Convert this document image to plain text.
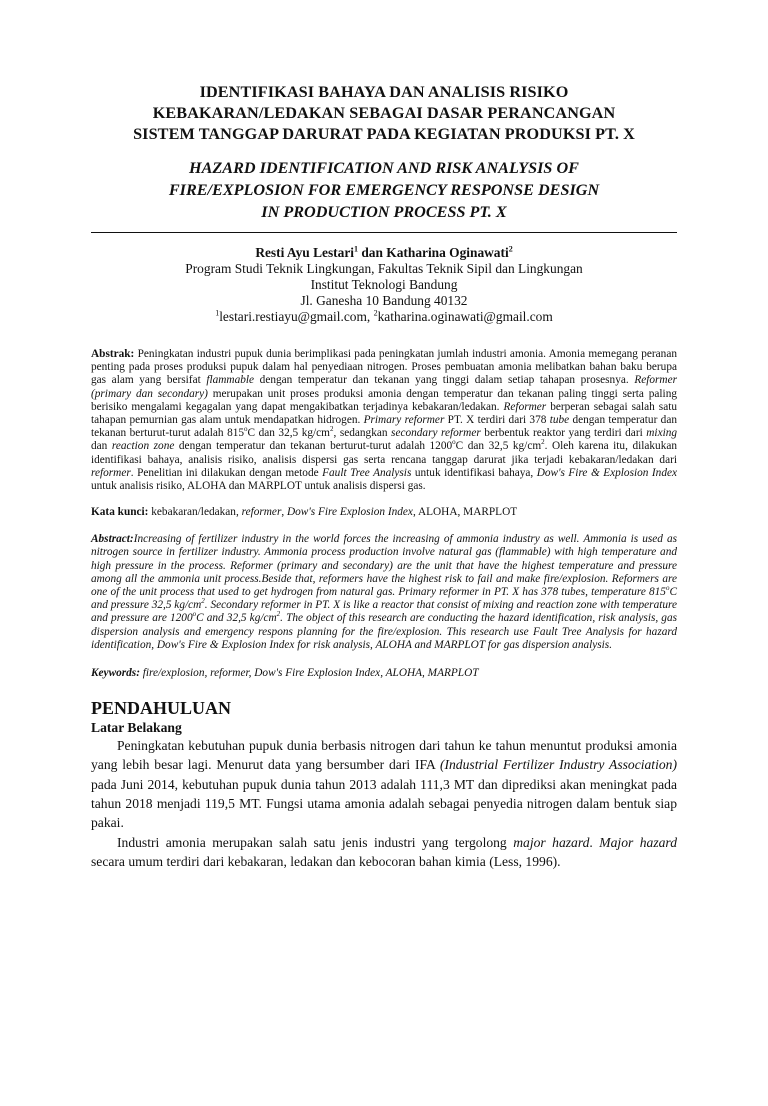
IDENTIFIKASI BAHAYA DAN ANALISIS RISIKO
KEBAKARAN/LEDAKAN SEBAGAI DASAR PERANCANGAN
SISTEM TANGGAP DARURAT PADA KEGIATAN PRODUKSI PT. X
HAZARD IDENTIFICATION AND RISK ANALYSIS OF
FIRE/EXPLOSION FOR EMERGENCY RESPONSE DESIGN
IN PRODUCTION PROCESS PT. X
Resti Ayu Lestari$^1$ dan Katharina Oginawati$^2$
Program Studi Teknik Lingkungan, Fakultas Teknik Sipil dan Lingkungan
Institut Teknologi Bandung
Jl. Ganesha 10 Bandung 40132
$^1$lestari.restiayu@gmail.com, $^2$katharina.oginawati@gmail.com

Abstrak: Peningkatan industri pupuk dunia berimplikasi pada peningkatan jumlah industri amonia. Amonia memegang peranan penting pada proses produksi pupuk dalam hal penyediaan nitrogen. Proses pembuatan amonia melibatkan bahan baku berupa gas alam yang bersifat flammable dengan temperatur dan tekanan yang tinggi dalam setiap tahapan prosesnya. Reformer (primary dan secondary) merupakan unit proses produksi amonia dengan temperatur dan tekanan paling tinggi serta paling berisiko mengalami kegagalan yang dapat mengakibatkan terjadinya kebakaran/ledakan. Reformer berperan sebagai salah satu tahapan pemurnian gas alam untuk mendapatkan hidrogen. Primary reformer PT. X terdiri dari 378 tube dengan temperatur dan tekanan berturut-turut adalah 815$^o$C dan 32,5 $kg/cm^2$, sedangkan secondary reformer berbentuk reaktor yang terdiri dari mixing dan reaction zone dengan temperatur dan tekanan berturut-turut adalah 1200$^o$C dan 32,5 $kg/cm^2$. Oleh karena itu, dilakukan identifikasi bahaya, analisis risiko, analisis dispersi gas serta rencana tanggap darurat jika terjadi kebakaran/ledakan dari reformer. Penelitian ini dilakukan dengan metode Fault Tree Analysis untuk identifikasi bahaya, Dow's Fire & Explosion Index untuk analisis risiko, ALOHA dan MARPLOT untuk analisis dispersi gas.

Kata kunci: kebakaran/ledakan, reformer, Dow's Fire Explosion Index, ALOHA, MARPLOT

Abstract:Increasing of fertilizer industry in the world forces the increasing of ammonia industry as well. Ammonia is used as nitrogen source in fertilizer industry. Ammonia process production involve natural gas (flammable) with high temperature and high pressure in the process. Reformer (primary and secondary) are the unit that have the highest temperature and pressure among all the ammonia unit process.Beside that, reformers have the highest risk to fail and make fire/explosion. Reformers are one of the unit process that used to get hydrogen from natural gas. Primary reformer in PT. X has 378 tubes, temperature 815$^o$C and pressure 32,5 $kg/cm^2$. Secondary reformer in PT. X is like a reactor that consist of mixing and reaction zone with temperature and pressure are 1200$^o$C and 32,5 $kg/cm^2$. The object of this research are conducting the hazard identification, risk analysis, gas dispersion analysis and emergency respons planning for the fire/explosion. This research use Fault Tree Analysis for hazard identification, Dow's Fire & Explosion Index for risk analysis, ALOHA and MARPLOT for gas dispersion analysis.

Keywords: fire/explosion, reformer, Dow's Fire Explosion Index, ALOHA, MARPLOT

PENDAHULUAN
Latar Belakang

Peningkatan kebutuhan pupuk dunia berbasis nitrogen dari tahun ke tahun menuntut produksi amonia yang lebih besar lagi. Menurut data yang bersumber dari IFA (Industrial Fertilizer Industry Association) pada Juni 2014, kebutuhan pupuk dunia tahun 2013 adalah 111,3 MT dan diprediksi akan meningkat pada tahun 2018 menjadi 119,5 MT. Fungsi utama amonia adalah sebagai penyedia nitrogen dalam bentuk siap pakai.

Industri amonia merupakan salah satu jenis industri yang tergolong major hazard. Major hazard secara umum terdiri dari kebakaran, ledakan dan kebocoran bahan kimia (Less, 1996).
